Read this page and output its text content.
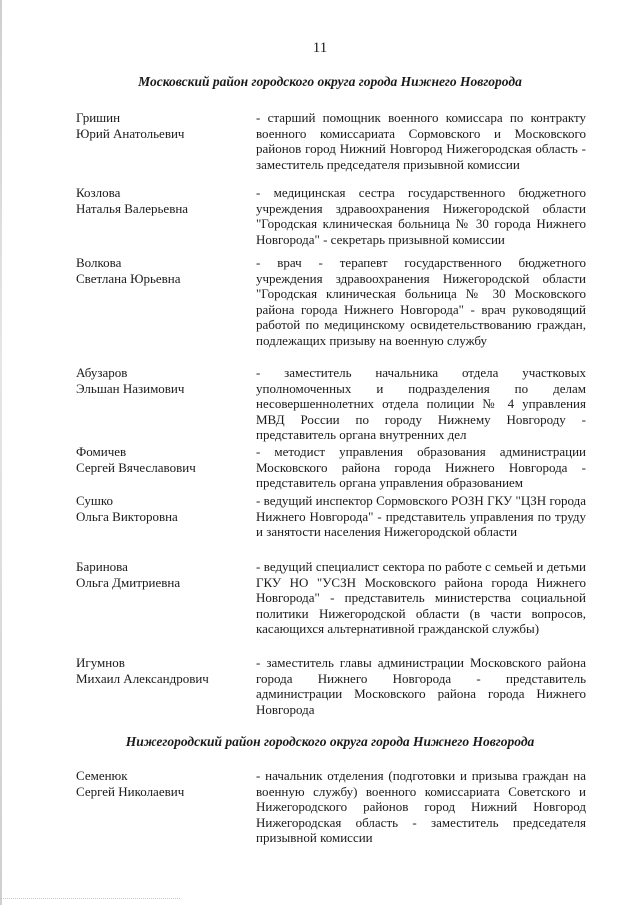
11
Московский район городского округа города Нижнего Новгорода
Гришин
Юрий Анатольевич
- старший помощник военного комиссара по контракту военного комиссариата Сормовского и Московского районов город Нижний Новгород Нижегородская область - заместитель председателя призывной комиссии
Козлова
Наталья Валерьевна
- медицинская сестра государственного бюджетного учреждения здравоохранения Нижегородской области "Городская клиническая больница № 30 города Нижнего Новгорода" - секретарь призывной комиссии
Волкова
Светлана Юрьевна
- врач - терапевт государственного бюджетного учреждения здравоохранения Нижегородской области "Городская клиническая больница № 30 Московского района города Нижнего Новгорода" - врач руководящий работой по медицинскому освидетельствованию граждан, подлежащих призыву на военную службу
Абузаров
Эльшан Назимович
- заместитель начальника отдела участковых уполномоченных и подразделения по делам несовершеннолетних отдела полиции № 4 управления МВД России по городу Нижнему Новгороду - представитель органа внутренних дел
Фомичев
Сергей Вячеславович
- методист управления образования администрации Московского района города Нижнего Новгорода - представитель органа управления образованием
Сушко
Ольга Викторовна
- ведущий инспектор Сормовского РОЗН ГКУ "ЦЗН города Нижнего Новгорода" - представитель управления по труду и занятости населения Нижегородской области
Баринова
Ольга Дмитриевна
- ведущий специалист сектора по работе с семьей и детьми ГКУ НО "УСЗН Московского района города Нижнего Новгорода" - представитель министерства социальной политики Нижегородской области (в части вопросов, касающихся альтернативной гражданской службы)
Игумнов
Михаил Александрович
- заместитель главы администрации Московского района города Нижнего Новгорода - представитель администрации Московского района города Нижнего Новгорода
Нижегородский район городского округа города Нижнего Новгорода
Семенюк
Сергей Николаевич
- начальник отделения (подготовки и призыва граждан на военную службу) военного комиссариата Советского и Нижегородского районов город Нижний Новгород Нижегородская область - заместитель председателя призывной комиссии
